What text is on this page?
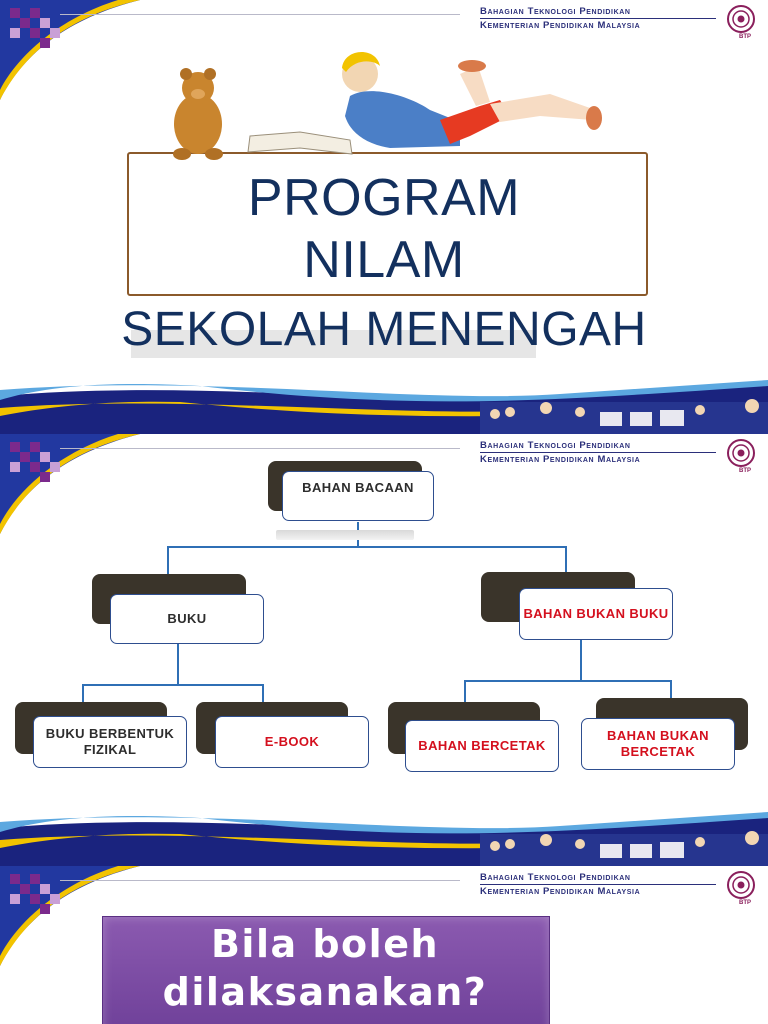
Bahagian Teknologi Pendidikan
Kementerian Pendidikan Malaysia
BTP
PROGRAM
NILAM
SEKOLAH MENENGAH
Bahagian Teknologi Pendidikan
Kementerian Pendidikan Malaysia
BTP
BAHAN BACAAN
BUKU	BAHAN BUKAN BUKU
BUKU BERBENTUK FIZIKAL
E-BOOK	BAHAN BERCETAK
BAHAN BUKAN BERCETAK
Bahagian Teknologi Pendidikan
Kementerian Pendidikan Malaysia
BTP
Bila boleh
dilaksanakan?
